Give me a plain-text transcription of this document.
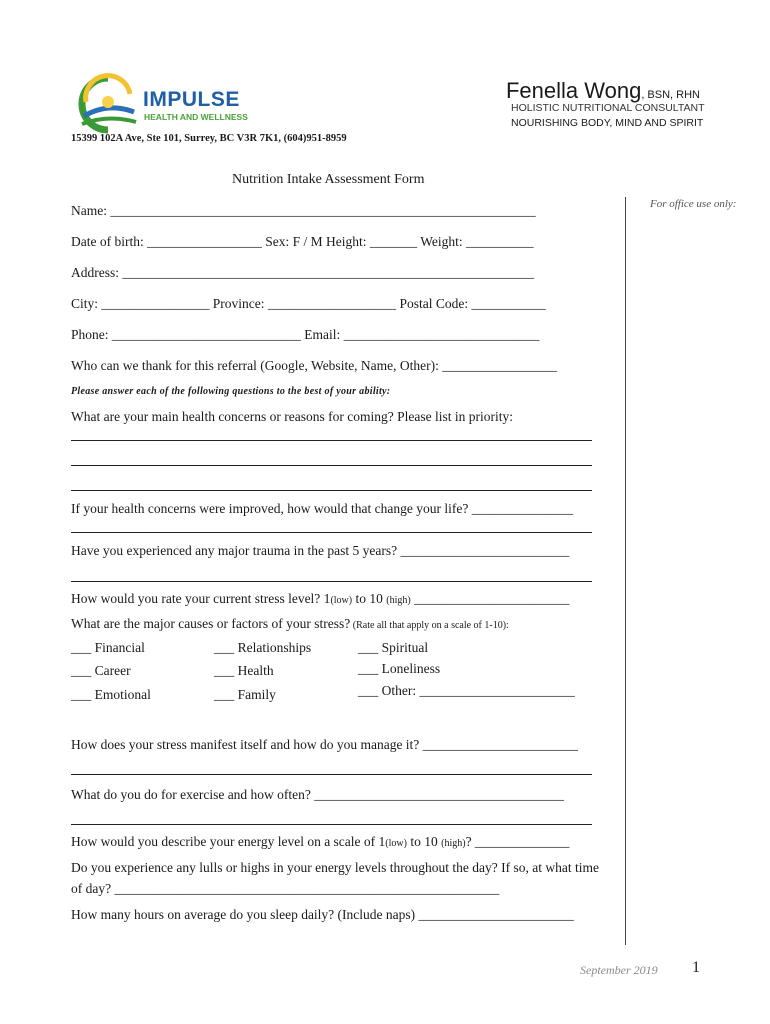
IMPULSE
HEALTH AND WELLNESS
15399 102A Ave, Ste 101, Surrey, BC V3R 7K1, (604)951-8959
Fenella Wong, BSN, RHN
HOLISTIC NUTRITIONAL CONSULTANT
NOURISHING BODY, MIND AND SPIRIT
Nutrition Intake Assessment Form
For office use only:
Name: _______________________________________________________________
Date of birth: _________________ Sex: F / M Height: _______ Weight: __________
Address: _____________________________________________________________
City: ________________ Province: ___________________ Postal Code: ___________
Phone: ____________________________ Email: _____________________________
Who can we thank for this referral (Google, Website, Name, Other): _________________
Please answer each of the following questions to the best of your ability:
What are your main health concerns or reasons for coming? Please list in priority:
If your health concerns were improved, how would that change your life? _______________
Have you experienced any major trauma in the past 5 years? _________________________
How would you rate your current stress level? 1(low) to 10 (high) _______________________
What are the major causes or factors of your stress? (Rate all that apply on a scale of 1-10):
___ Financial	___ Relationships	___ Spiritual
___ Career	___ Health	___ Loneliness
___ Emotional	___ Family	___ Other: _______________________
How does your stress manifest itself and how do you manage it? _______________________
What do you do for exercise and how often? _____________________________________
How would you describe your energy level on a scale of 1(low) to 10 (high)? ______________
Do you experience any lulls or highs in your energy levels throughout the day? If so, at what time
of day? _________________________________________________________
How many hours on average do you sleep daily? (Include naps) _______________________
September 2019 1
